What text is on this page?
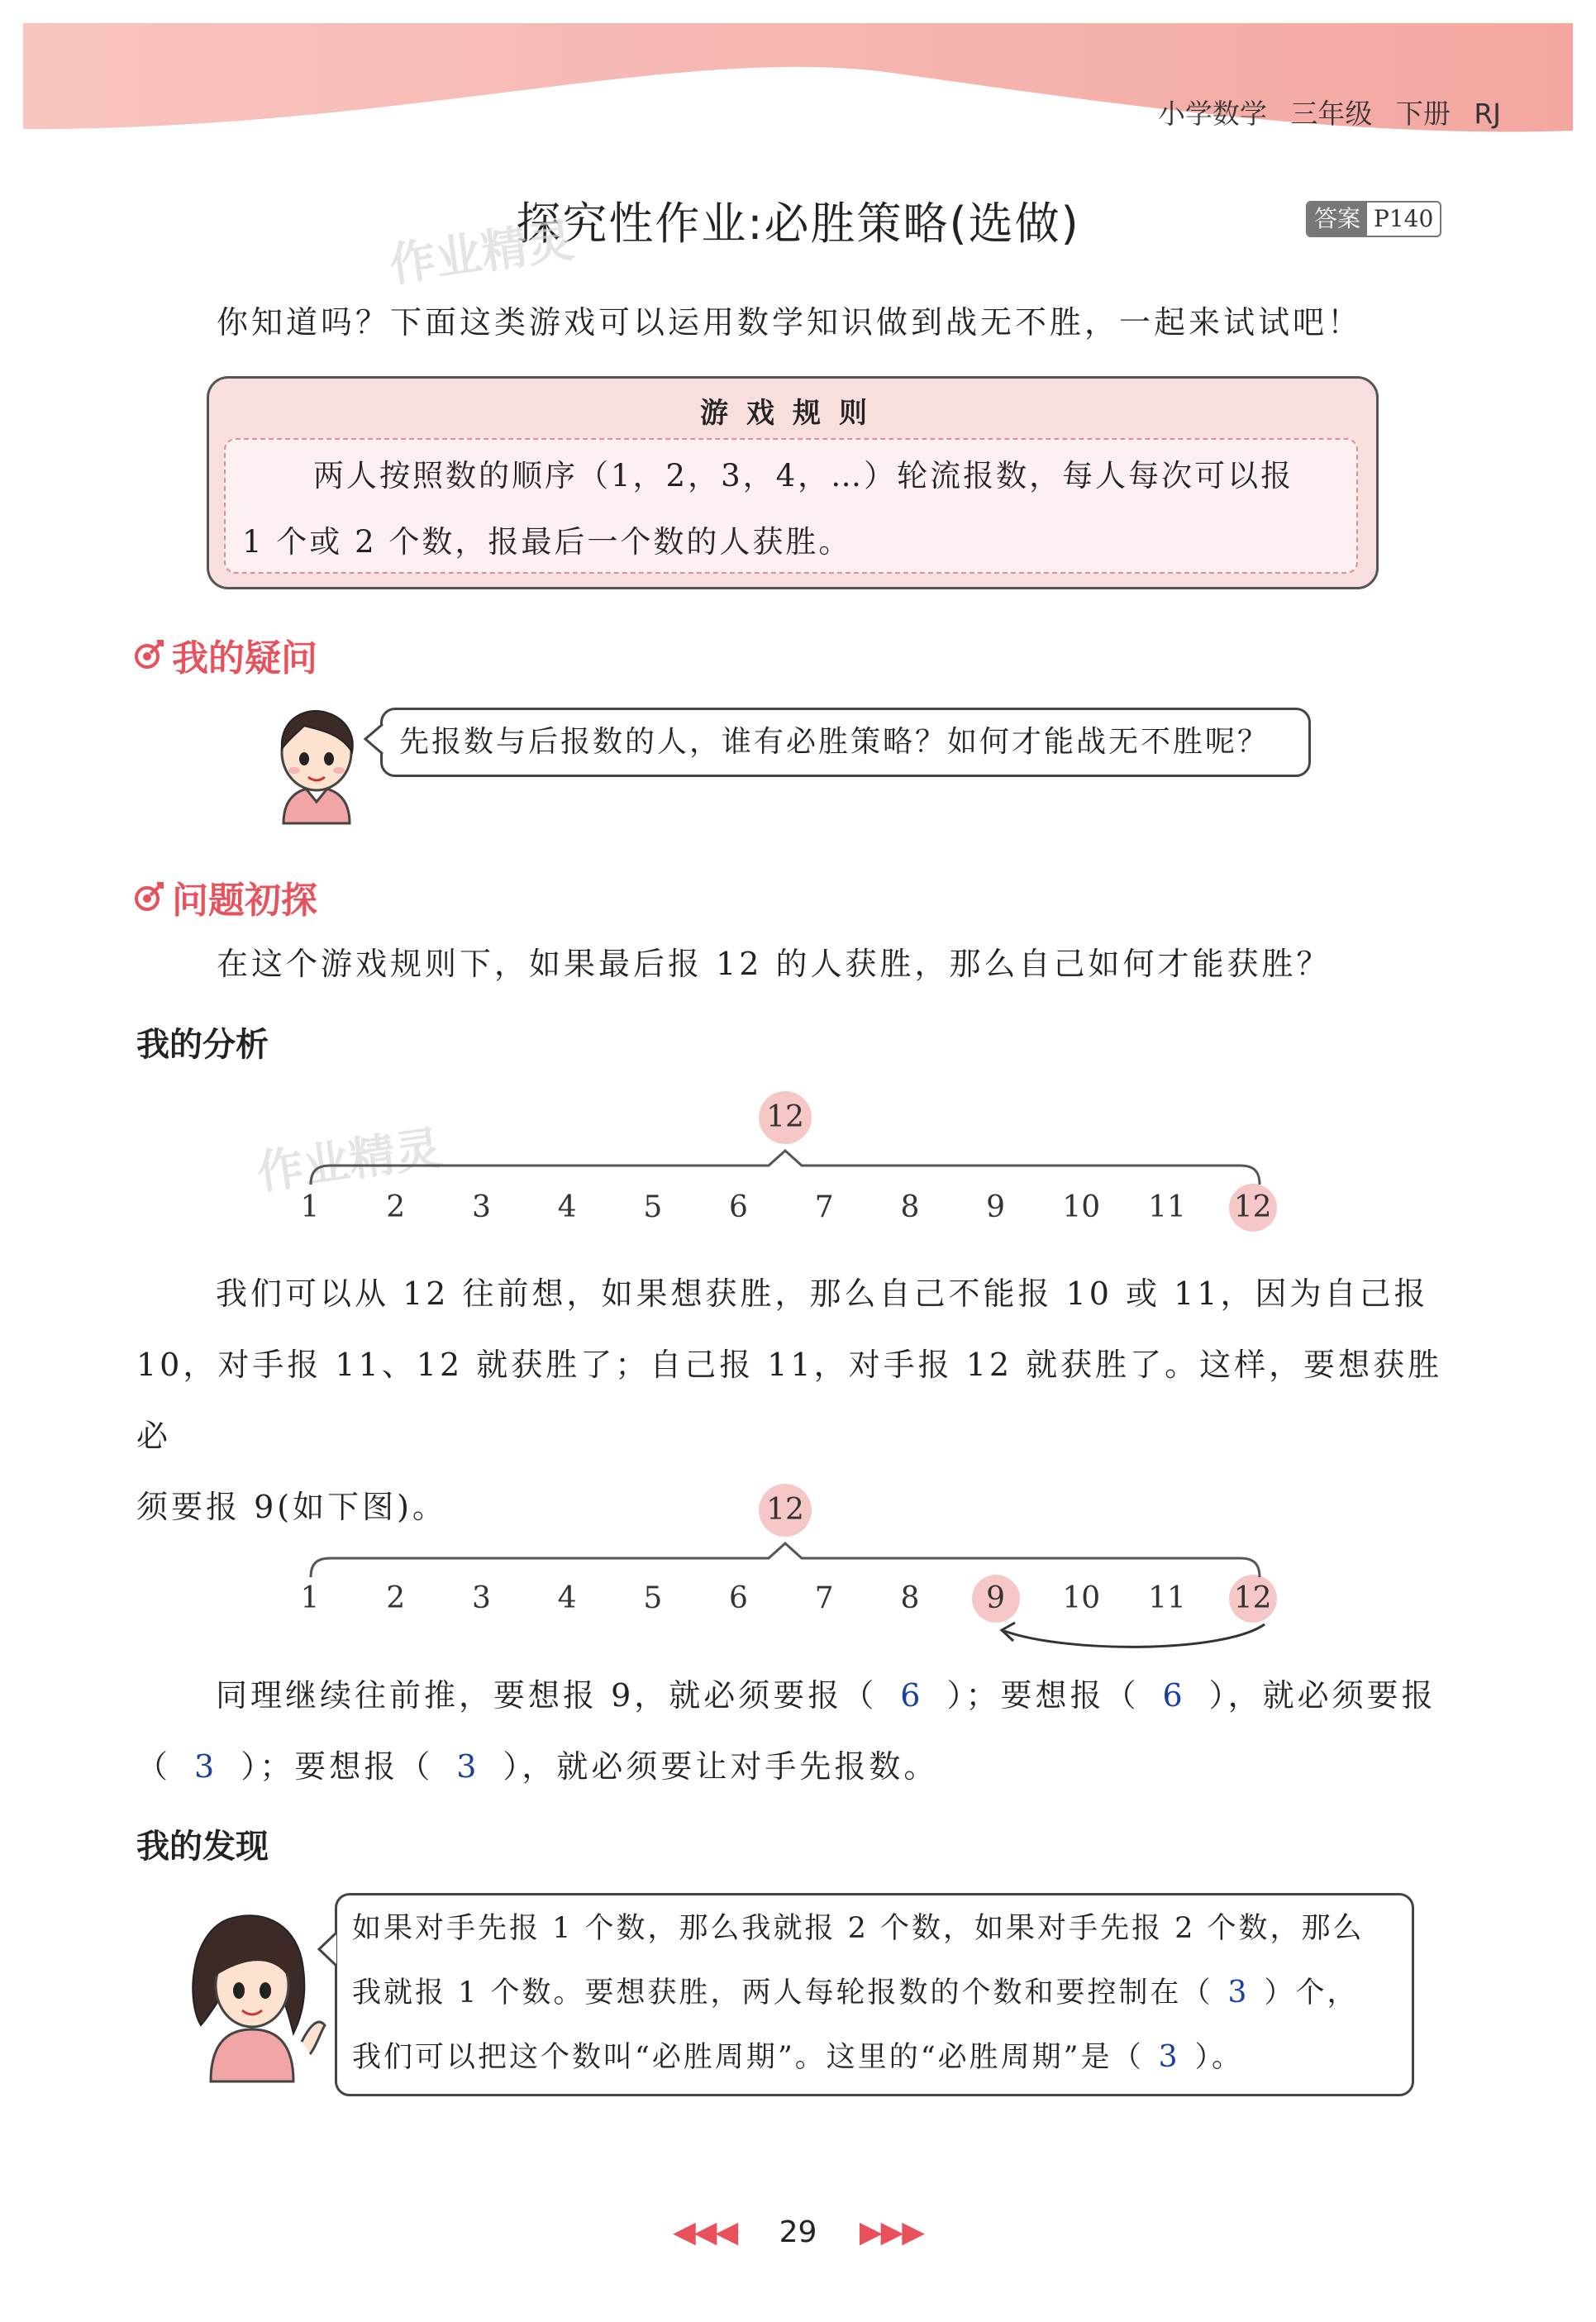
小学数学 三年级 下册 RJ
探究性作业:必胜策略(选做)	答案 P140
作业精灵
你知道吗？下面这类游戏可以运用数学知识做到战无不胜，一起来试试吧！
游戏规则
两人按照数的顺序（1，2，3，4，…）轮流报数，每人每次可以报
1 个或 2 个数，报最后一个数的人获胜。
我的疑问
先报数与后报数的人，谁有必胜策略？如何才能战无不胜呢？
问题初探
在这个游戏规则下，如果最后报 12 的人获胜，那么自己如何才能获胜？
我的分析
作业精灵
12
1	2	3	4	5	6	7	8	9	10	11	12
我们可以从 12 往前想，如果想获胜，那么自己不能报 10 或 11，因为自己报
10，对手报 11、12 就获胜了；自己报 11，对手报 12 就获胜了。这样，要想获胜必
须要报 9(如下图)。	12
1	2	3	4	5	6	7	8	9	10	11	12
同理继续往前推，要想报 9，就必须要报（ 6 ）；要想报（ 6 ），就必须要报
（ 3 ）；要想报（ 3 ），就必须要让对手先报数。
我的发现
如果对手先报 1 个数，那么我就报 2 个数，如果对手先报 2 个数，那么
我就报 1 个数。要想获胜，两人每轮报数的个数和要控制在（ 3 ）个，
我们可以把这个数叫“必胜周期”。这里的“必胜周期”是（ 3 ）。
◀◀◀ 29 ▶▶▶
